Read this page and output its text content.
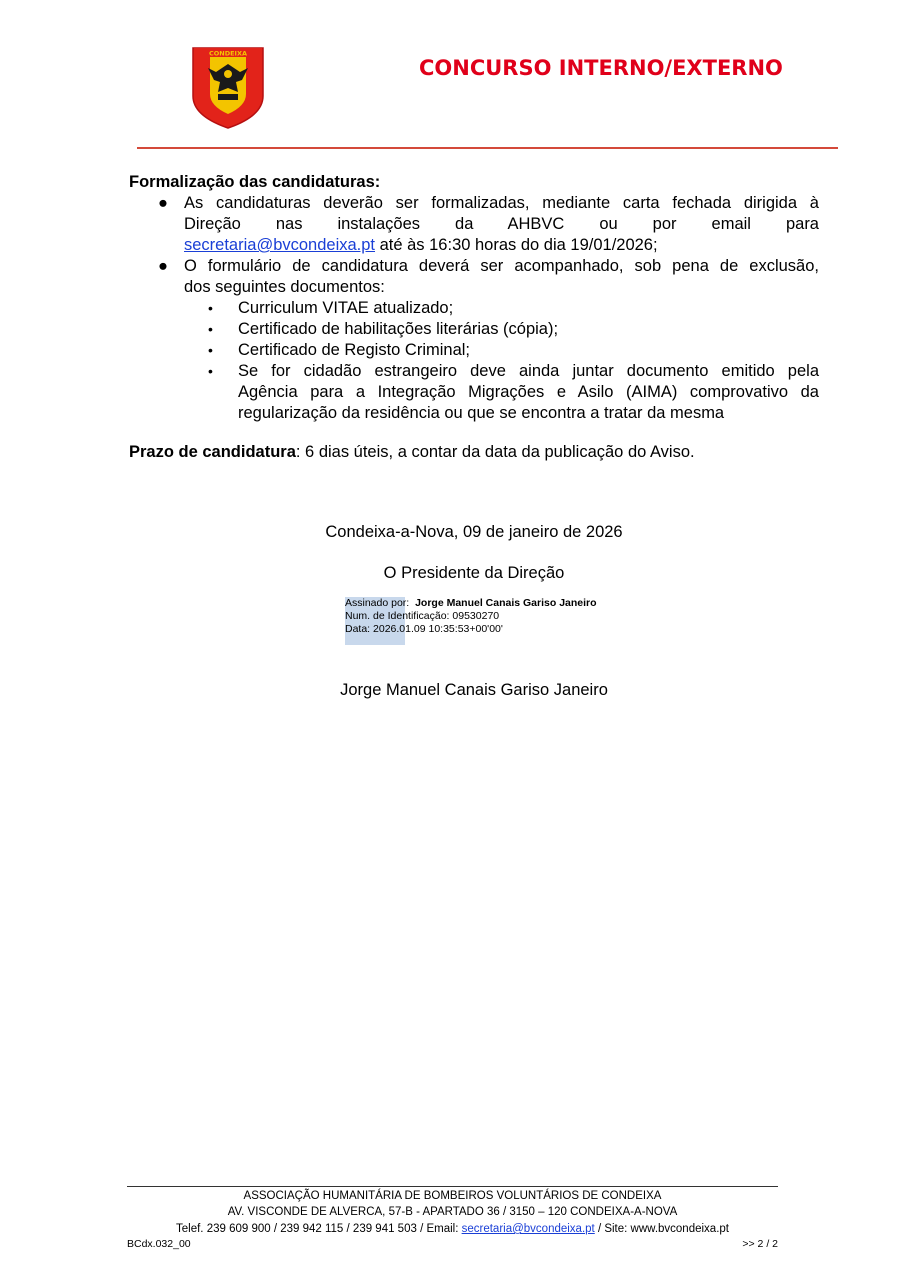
CONDEIXA
CONCURSO INTERNO/EXTERNO

Formalização das candidaturas:

● As candidaturas deverão ser formalizadas, mediante carta fechada dirigida à
Direção nas instalações da AHBVC ou por email para
secretaria@bvcondeixa.pt até às 16:30 horas do dia 19/01/2026;
● O formulário de candidatura deverá ser acompanhado, sob pena de exclusão,
dos seguintes documentos:
• Curriculum VITAE atualizado;
• Certificado de habilitações literárias (cópia);
• Certificado de Registo Criminal;
• Se for cidadão estrangeiro deve ainda juntar documento emitido pela
Agência para a Integração Migrações e Asilo (AIMA) comprovativo da
regularização da residência ou que se encontra a tratar da mesma

Prazo de candidatura: 6 dias úteis, a contar da data da publicação do Aviso.

Condeixa-a-Nova, 09 de janeiro de 2026
O Presidente da Direção
Assinado por: Jorge Manuel Canais Gariso Janeiro
Num. de Identificação: 09530270
Data: 2026.01.09 10:35:53+00'00'
Jorge Manuel Canais Gariso Janeiro
ASSOCIAÇÃO HUMANITÁRIA DE BOMBEIROS VOLUNTÁRIOS DE CONDEIXA
AV. VISCONDE DE ALVERCA, 57-B - APARTADO 36 / 3150 – 120 CONDEIXA-A-NOVA
Telef. 239 609 900 / 239 942 115 / 239 941 503 / Email: secretaria@bvcondeixa.pt / Site: www.bvcondeixa.pt
BCdx.032_00	>> 2 / 2
